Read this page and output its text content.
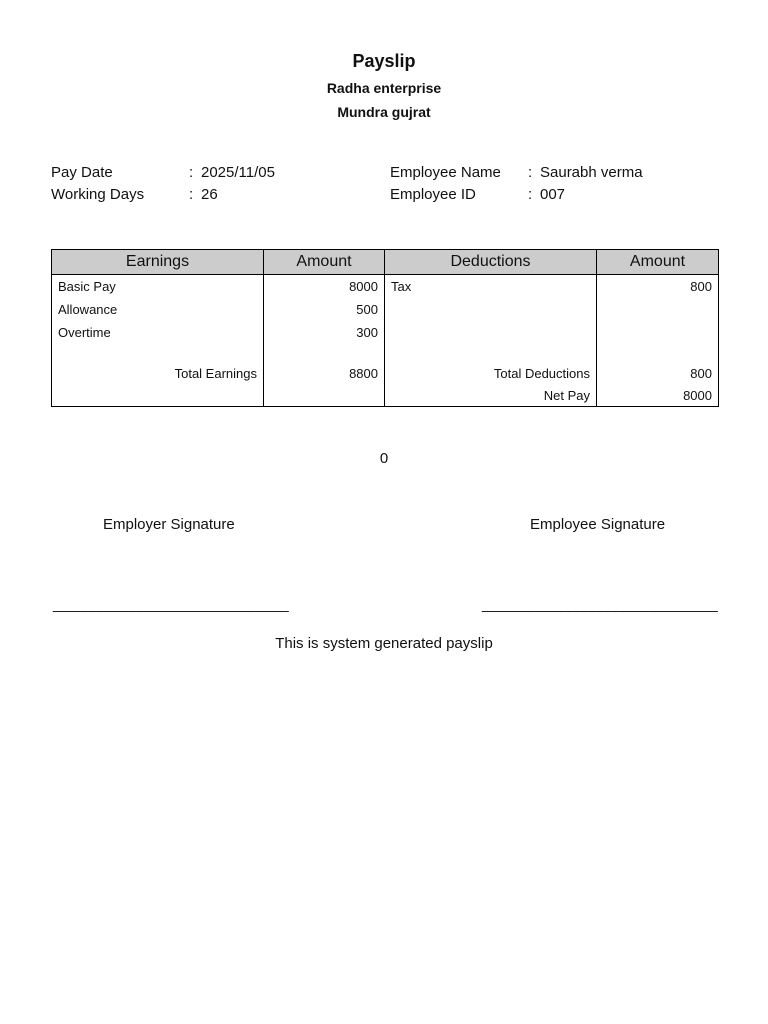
Payslip
Radha enterprise
Mundra gujrat
Pay Date	: 2025/11/05
Working Days	: 26
Employee Name : Saurabh verma
Employee ID	: 007
Earnings	Amount	Deductions	Amount
Basic Pay	8000	Tax	800
Allowance	500		
Overtime	300		

Total Earnings	8800	Total Deductions	800
		Net Pay	8000
0
Employer Signature	Employee Signature
______________________________	______________________________
This is system generated payslip
